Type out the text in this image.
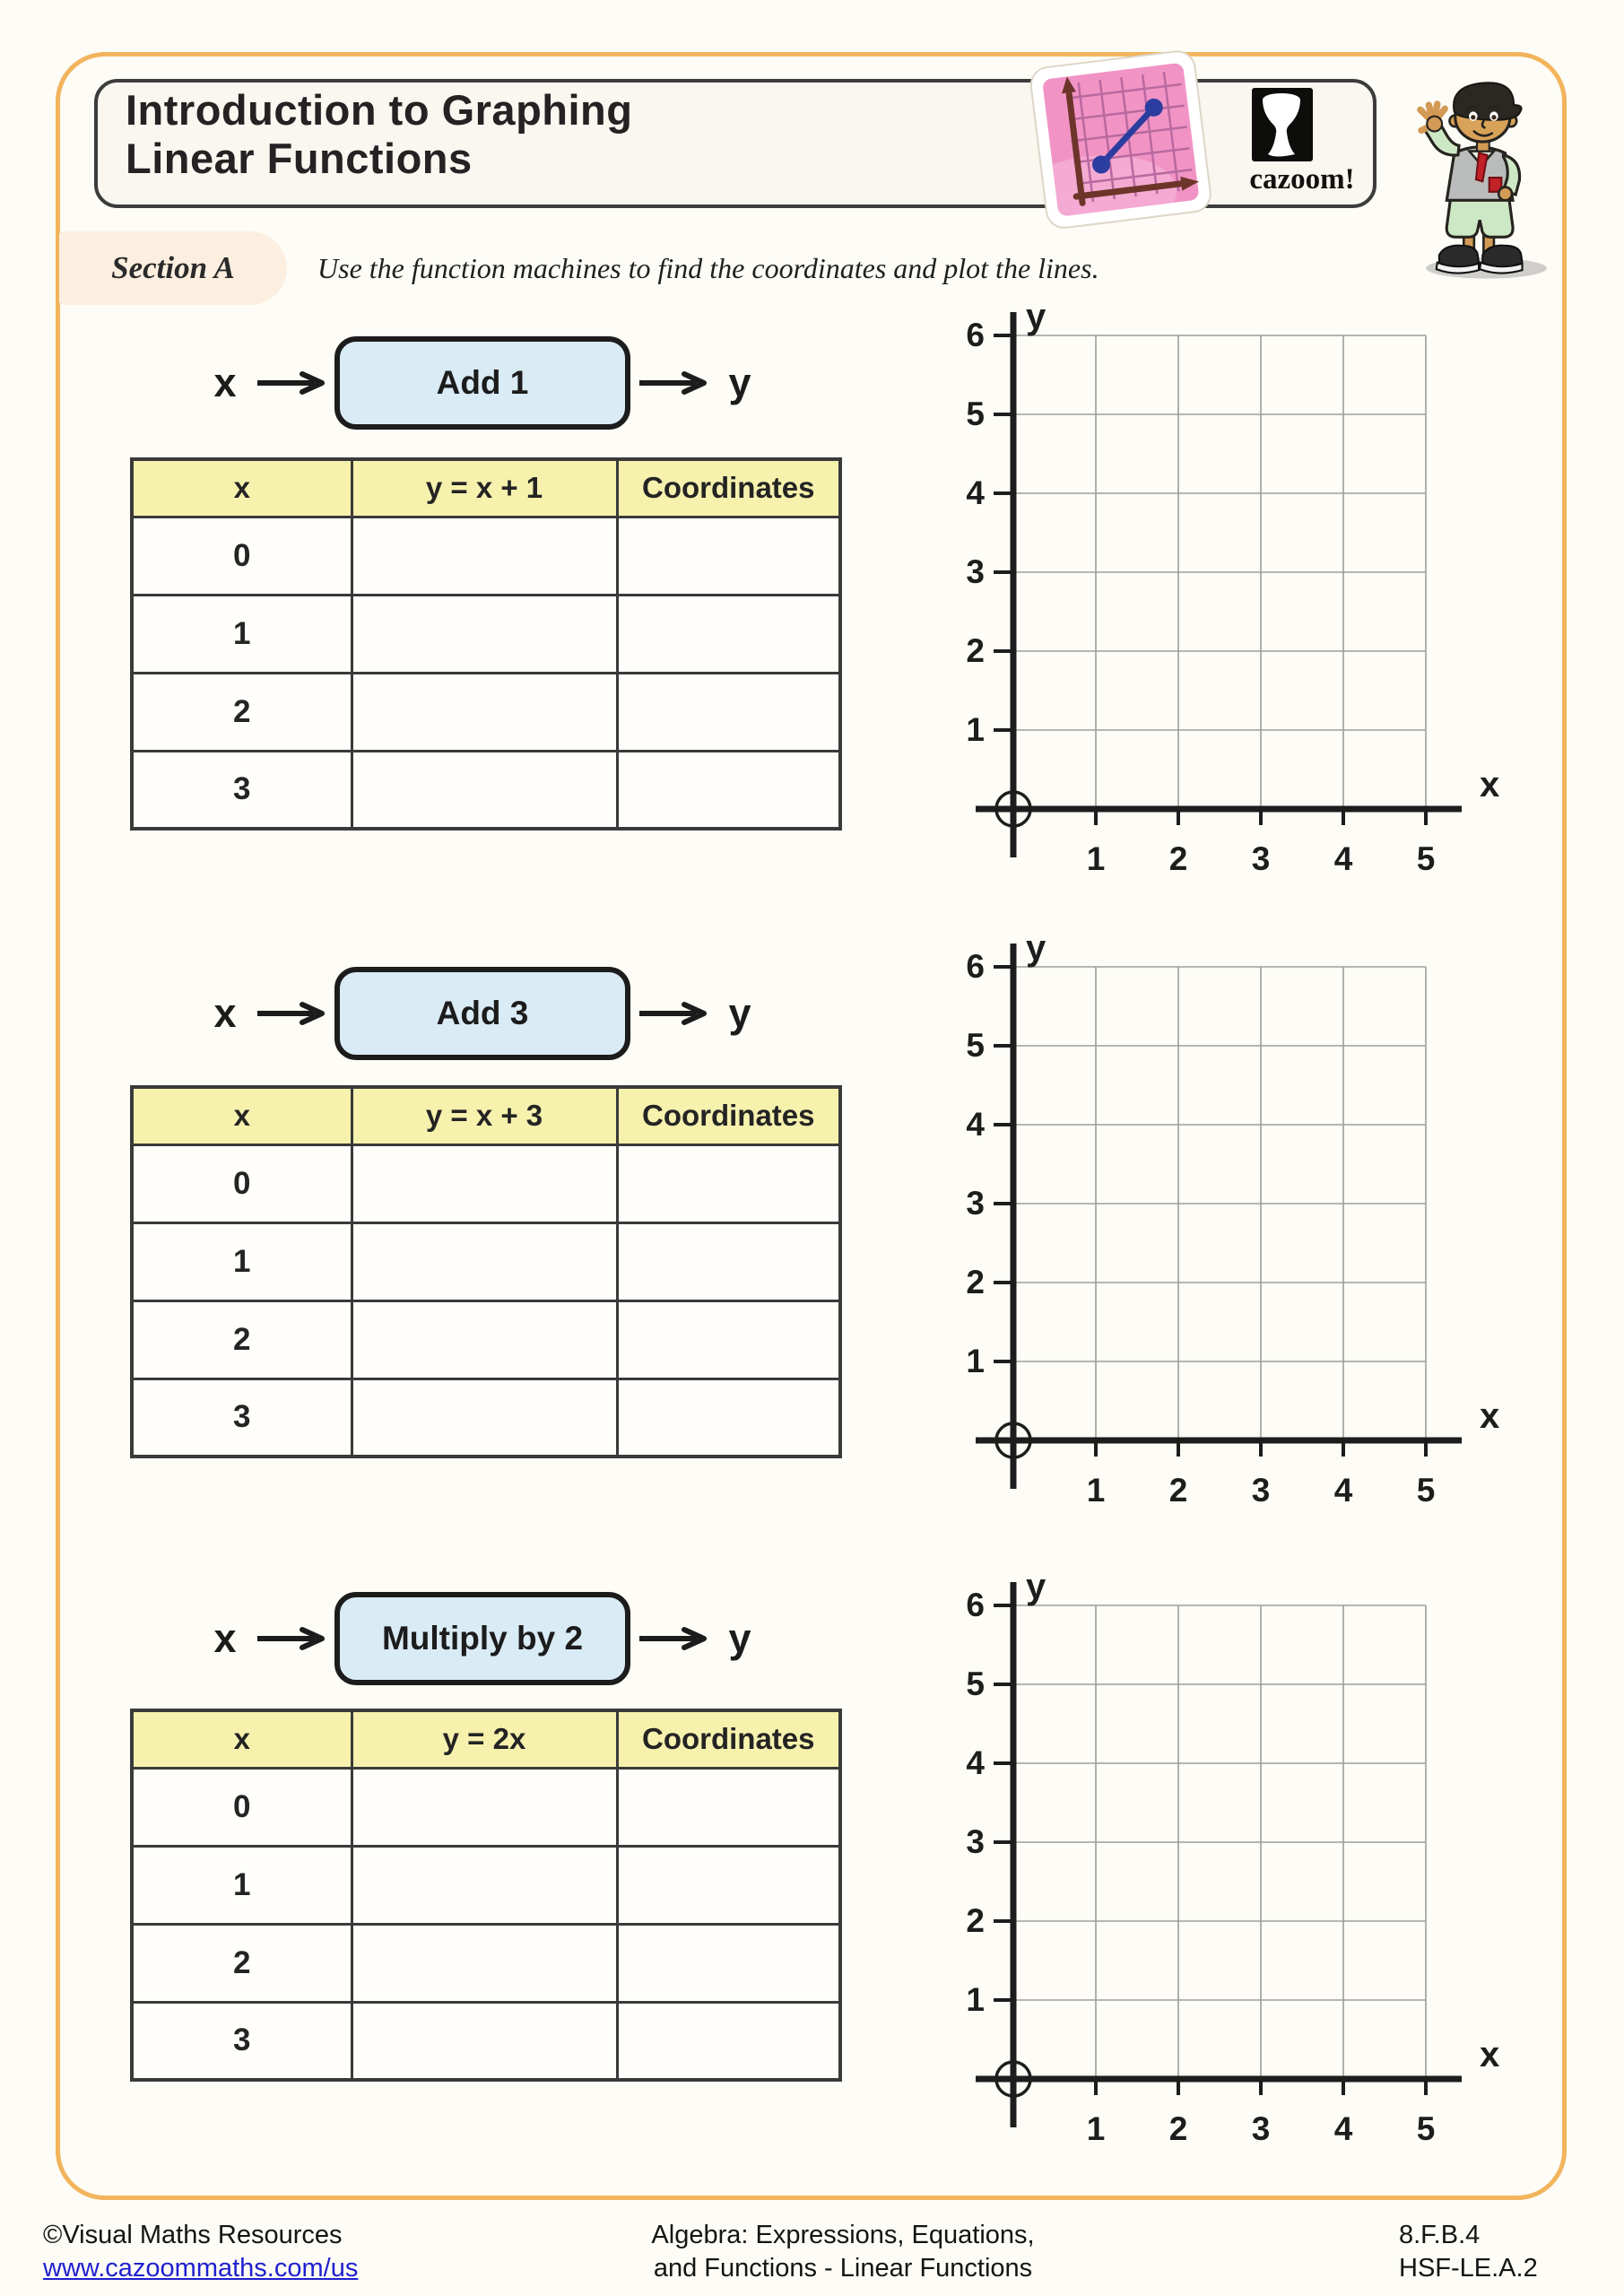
Introduction to Graphing
Linear Functions	cazoom!
Section A	Use the function machines to find the coordinates and plot the lines.
x	Add 1	y
x	y = x + 1	Coordinates
0		
1		
2		
3		
y
x
6
5
4
3
2
1
1 2 3 4 5
x	Add 3	y
x	y = x + 3	Coordinates
0		
1		
2		
3		
y
x
6
5
4
3
2
1
1 2 3 4 5
x	Multiply by 2	y
x	y = 2x	Coordinates
0		
1		
2		
3		
y
x
6
5
4
3
2
1
1 2 3 4 5
©Visual Maths Resources
www.cazoommaths.com/us
Algebra: Expressions, Equations,
and Functions - Linear Functions
8.F.B.4
HSF-LE.A.2
